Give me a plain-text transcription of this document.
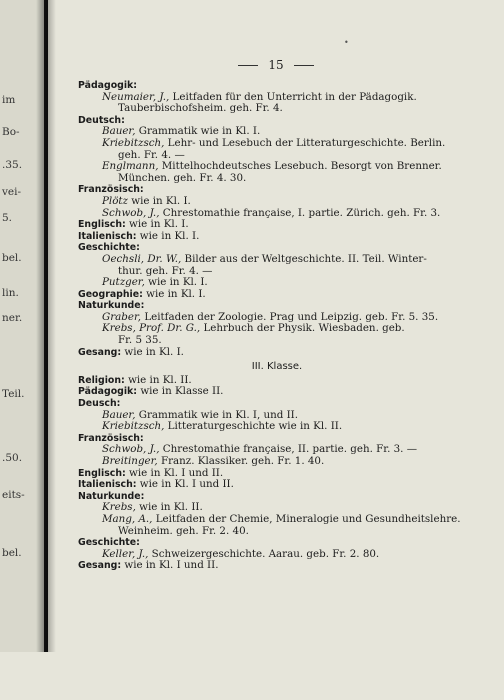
im
Bo-
.35.
vei-
5.
bel.
lin.
ner.
Teil.
.50.
eits-
bel.
•
15
Pädagogik:
Neumaier, J., Leitfaden für den Unterricht in der Pädagogik.
Tauberbischofsheim. geh. Fr. 4.
Deutsch:
Bauer, Grammatik wie in Kl. I.
Kriebitzsch, Lehr- und Lesebuch der Litteraturgeschichte. Berlin.
geh. Fr. 4. —
Englmann, Mittelhochdeutsches Lesebuch. Besorgt von Brenner.
München. geh. Fr. 4. 30.
Französisch:
Plötz wie in Kl. I.
Schwob, J., Chrestomathie française, I. partie. Zürich. geh. Fr. 3.
Englisch: wie in Kl. I.
Italienisch: wie in Kl. I.
Geschichte:
Oechsli, Dr. W., Bilder aus der Weltgeschichte. II. Teil. Winter-
thur. geh. Fr. 4. —
Putzger, wie in Kl. I.
Geographie: wie in Kl. I.
Naturkunde:
Graber, Leitfaden der Zoologie. Prag und Leipzig. geb. Fr. 5. 35.
Krebs, Prof. Dr. G., Lehrbuch der Physik. Wiesbaden. geb.
Fr. 5 35.
Gesang: wie in Kl. I.
III. Klasse.
Religion: wie in Kl. II.
Pädagogik: wie in Klasse II.
Deusch:
Bauer, Grammatik wie in Kl. I, und II.
Kriebitzsch, Litteraturgeschichte wie in Kl. II.
Französisch:
Schwob, J., Chrestomathie française, II. partie. geh. Fr. 3. —
Breitinger, Franz. Klassiker. geh. Fr. 1. 40.
Englisch: wie in Kl. I und II.
Italienisch: wie in Kl. I und II.
Naturkunde:
Krebs, wie in Kl. II.
Mang, A., Leitfaden der Chemie, Mineralogie und Gesundheitslehre.
Weinheim. geh. Fr. 2. 40.
Geschichte:
Keller, J., Schweizergeschichte. Aarau. geb. Fr. 2. 80.
Gesang: wie in Kl. I und II.
